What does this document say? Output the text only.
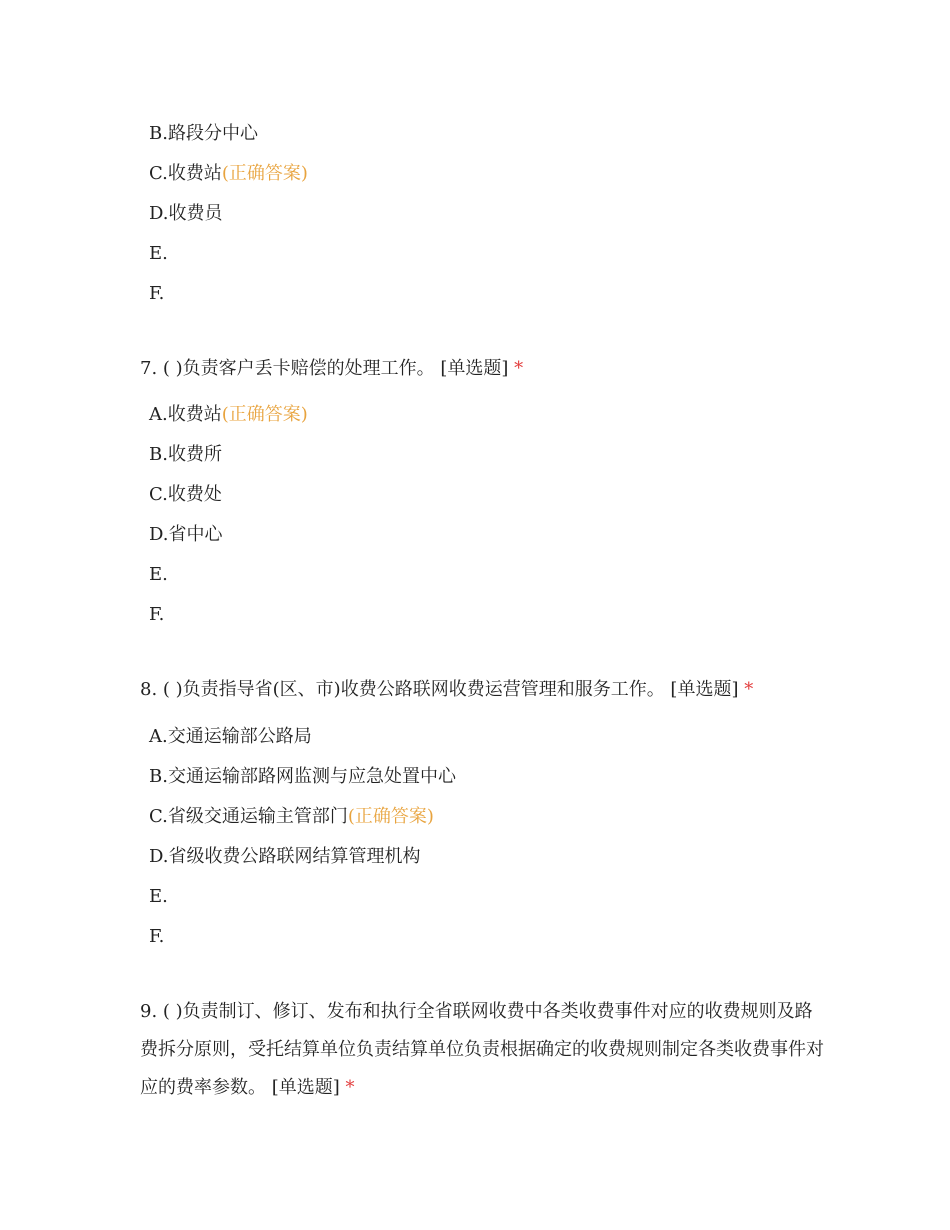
B.路段分中心
C.收费站(正确答案)
D.收费员
E.
F.
7. ( )负责客户丢卡赔偿的处理工作。 [单选题] *
A.收费站(正确答案)
B.收费所
C.收费处
D.省中心
E.
F.
8. ( )负责指导省(区、市)收费公路联网收费运营管理和服务工作。 [单选题] *
A.交通运输部公路局
B.交通运输部路网监测与应急处置中心
C.省级交通运输主管部门(正确答案)
D.省级收费公路联网结算管理机构
E.
F.
9. ( )负责制订、修订、发布和执行全省联网收费中各类收费事件对应的收费规则及路费拆分原则，受托结算单位负责结算单位负责根据确定的收费规则制定各类收费事件对应的费率参数。 [单选题] *
